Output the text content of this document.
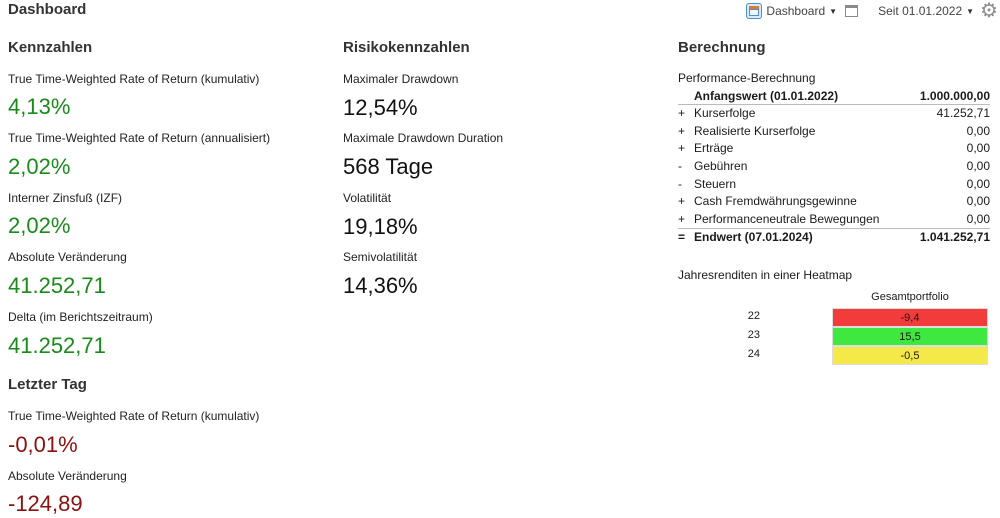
Dashboard	Dashboard ▼	Seit 01.01.2022 ▼ ⚙
Kennzahlen
True Time-Weighted Rate of Return (kumulativ)
4,13%
True Time-Weighted Rate of Return (annualisiert)
2,02%
Interner Zinsfuß (IZF)
2,02%
Absolute Veränderung
41.252,71
Delta (im Berichtszeitraum)
41.252,71
Letzter Tag
True Time-Weighted Rate of Return (kumulativ)
-0,01%
Absolute Veränderung
-124,89
Risikokennzahlen
Maximaler Drawdown
12,54%
Maximale Drawdown Duration
568 Tage
Volatilität
19,18%
Semivolatilität
14,36%
Berechnung
Performance-Berechnung
Anfangswert (01.01.2022)	1.000.000,00
+ Kurserfolge	41.252,71
+ Realisierte Kurserfolge	0,00
+ Erträge	0,00
- Gebühren	0,00
- Steuern	0,00
+ Cash Fremdwährungsgewinne	0,00
+ Performanceneutrale Bewegungen	0,00
= Endwert (07.01.2024)	1.041.252,71
Jahresrenditen in einer Heatmap
Gesamtportfolio
22	-9,4
23	15,5
24	-0,5
